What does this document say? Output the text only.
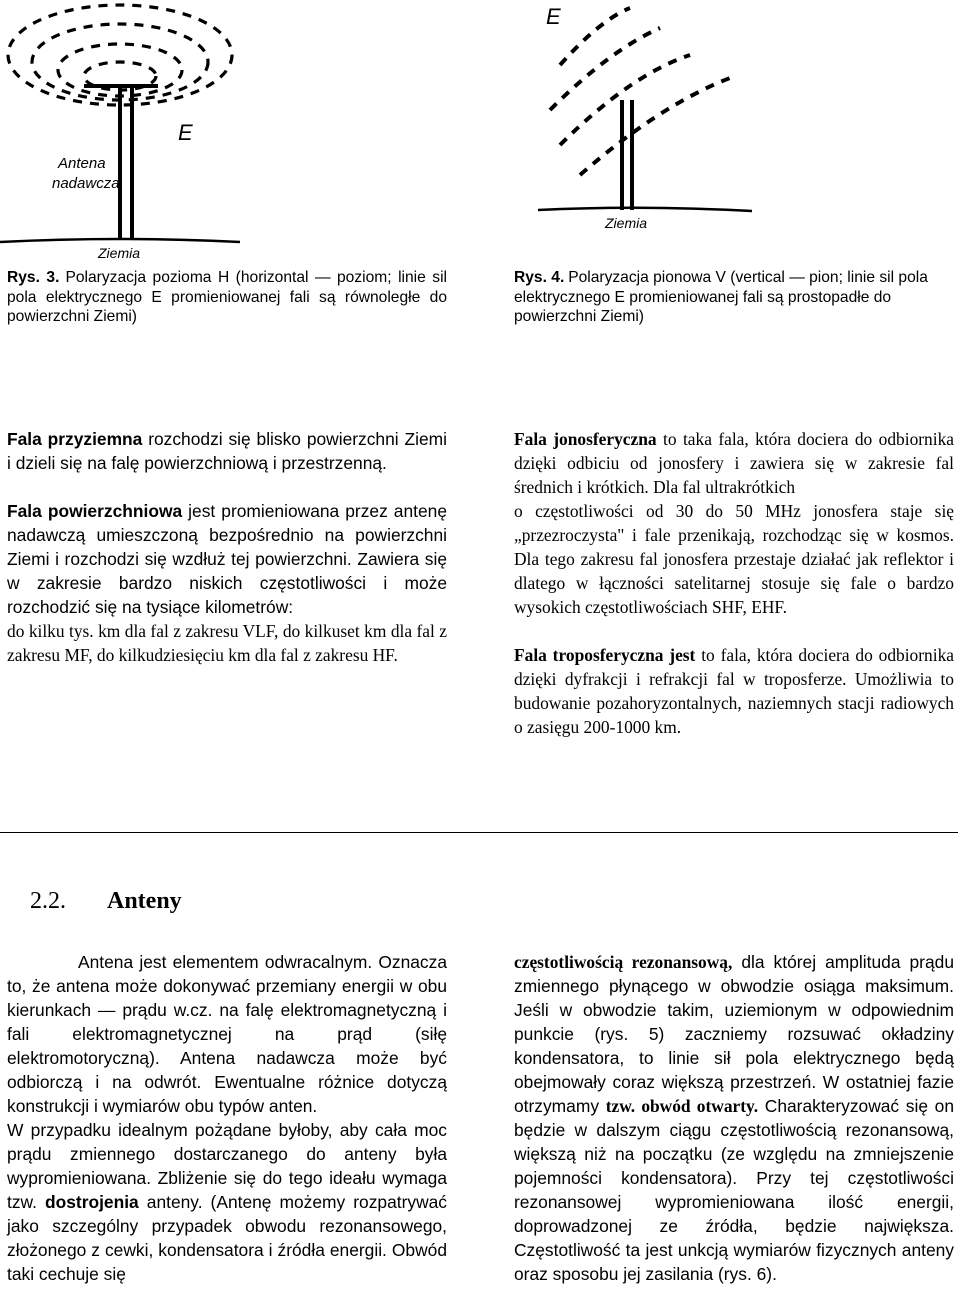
E
Antena
nadawcza
Ziemia
E
Ziemia
Rys. 3. Polaryzacja pozioma H (horizontal — poziom; linie sil pola elektrycznego E promieniowanej fali są równoległe do powierzchni Ziemi)
Rys. 4. Polaryzacja pionowa V (vertical — pion; linie sil pola elektrycznego E promieniowanej fali są prostopadłe do powierzchni Ziemi)
Fala przyziemna rozchodzi się blisko powierzchni Ziemi i dzieli się na falę powierzchniową i przestrzenną.
Fala powierzchniowa jest promieniowana przez antenę nadawczą umieszczoną bezpośrednio na powierzchni Ziemi i rozchodzi się wzdłuż tej powierzchni. Zawiera się w zakresie bardzo niskich częstotliwości i może rozchodzić się na tysiące kilometrów:
do kilku tys. km dla fal z zakresu VLF, do kilkuset km dla fal z zakresu MF, do kilkudziesięciu km dla fal z zakresu HF.
Fala jonosferyczna to taka fala, która dociera do odbiornika dzięki odbiciu od jonosfery i zawiera się w zakresie fal średnich i krótkich. Dla fal ultrakrótkich
o częstotliwości od 30 do 50 MHz jonosfera staje się „przezroczysta" i fale przenikają, rozchodząc się w kosmos. Dla tego zakresu fal jonosfera przestaje działać jak reflektor i dlatego w łączności satelitarnej stosuje się fale o bardzo wysokich częstotliwościach SHF, EHF.
Fala troposferyczna jest to fala, która dociera do odbiornika dzięki dyfrakcji i refrakcji fal w troposferze. Umożliwia to budowanie pozahoryzontalnych, naziemnych stacji radiowych o zasięgu 200-1000 km.
2.2. Anteny
Antena jest elementem odwracalnym. Oznacza to, że antena może dokonywać przemiany energii w obu kierunkach — prądu w.cz. na falę elektromagnetyczną i fali elektromagnetycznej na prąd (siłę elektromotoryczną). Antena nadawcza może być odbiorczą i na odwrót. Ewentualne różnice dotyczą konstrukcji i wymiarów obu typów anten.
W przypadku idealnym pożądane byłoby, aby cała moc prądu zmiennego dostarczanego do anteny była wypromieniowana. Zbliżenie się do tego ideału wymaga tzw. dostrojenia anteny. (Antenę możemy rozpatrywać jako szczególny przypadek obwodu rezonansowego, złożonego z cewki, kondensatora i źródła energii. Obwód taki cechuje się
częstotliwością rezonansową, dla której amplituda prądu zmiennego płynącego w obwodzie osiąga maksimum. Jeśli w obwodzie takim, uziemionym w odpowiednim punkcie (rys. 5) zaczniemy rozsuwać okładziny kondensatora, to linie sił pola elektrycznego będą obejmowały coraz większą przestrzeń. W ostatniej fazie otrzymamy tzw. obwód otwarty. Charakteryzować się on będzie w dalszym ciągu częstotliwością rezonansową, większą niż na początku (ze względu na zmniejszenie pojemności kondensatora). Przy tej częstotliwości rezonansowej wypromieniowana ilość energii, doprowadzonej ze źródła, będzie największa. Częstotliwość ta jest unkcją wymiarów fizycznych anteny oraz sposobu jej zasilania (rys. 6).
